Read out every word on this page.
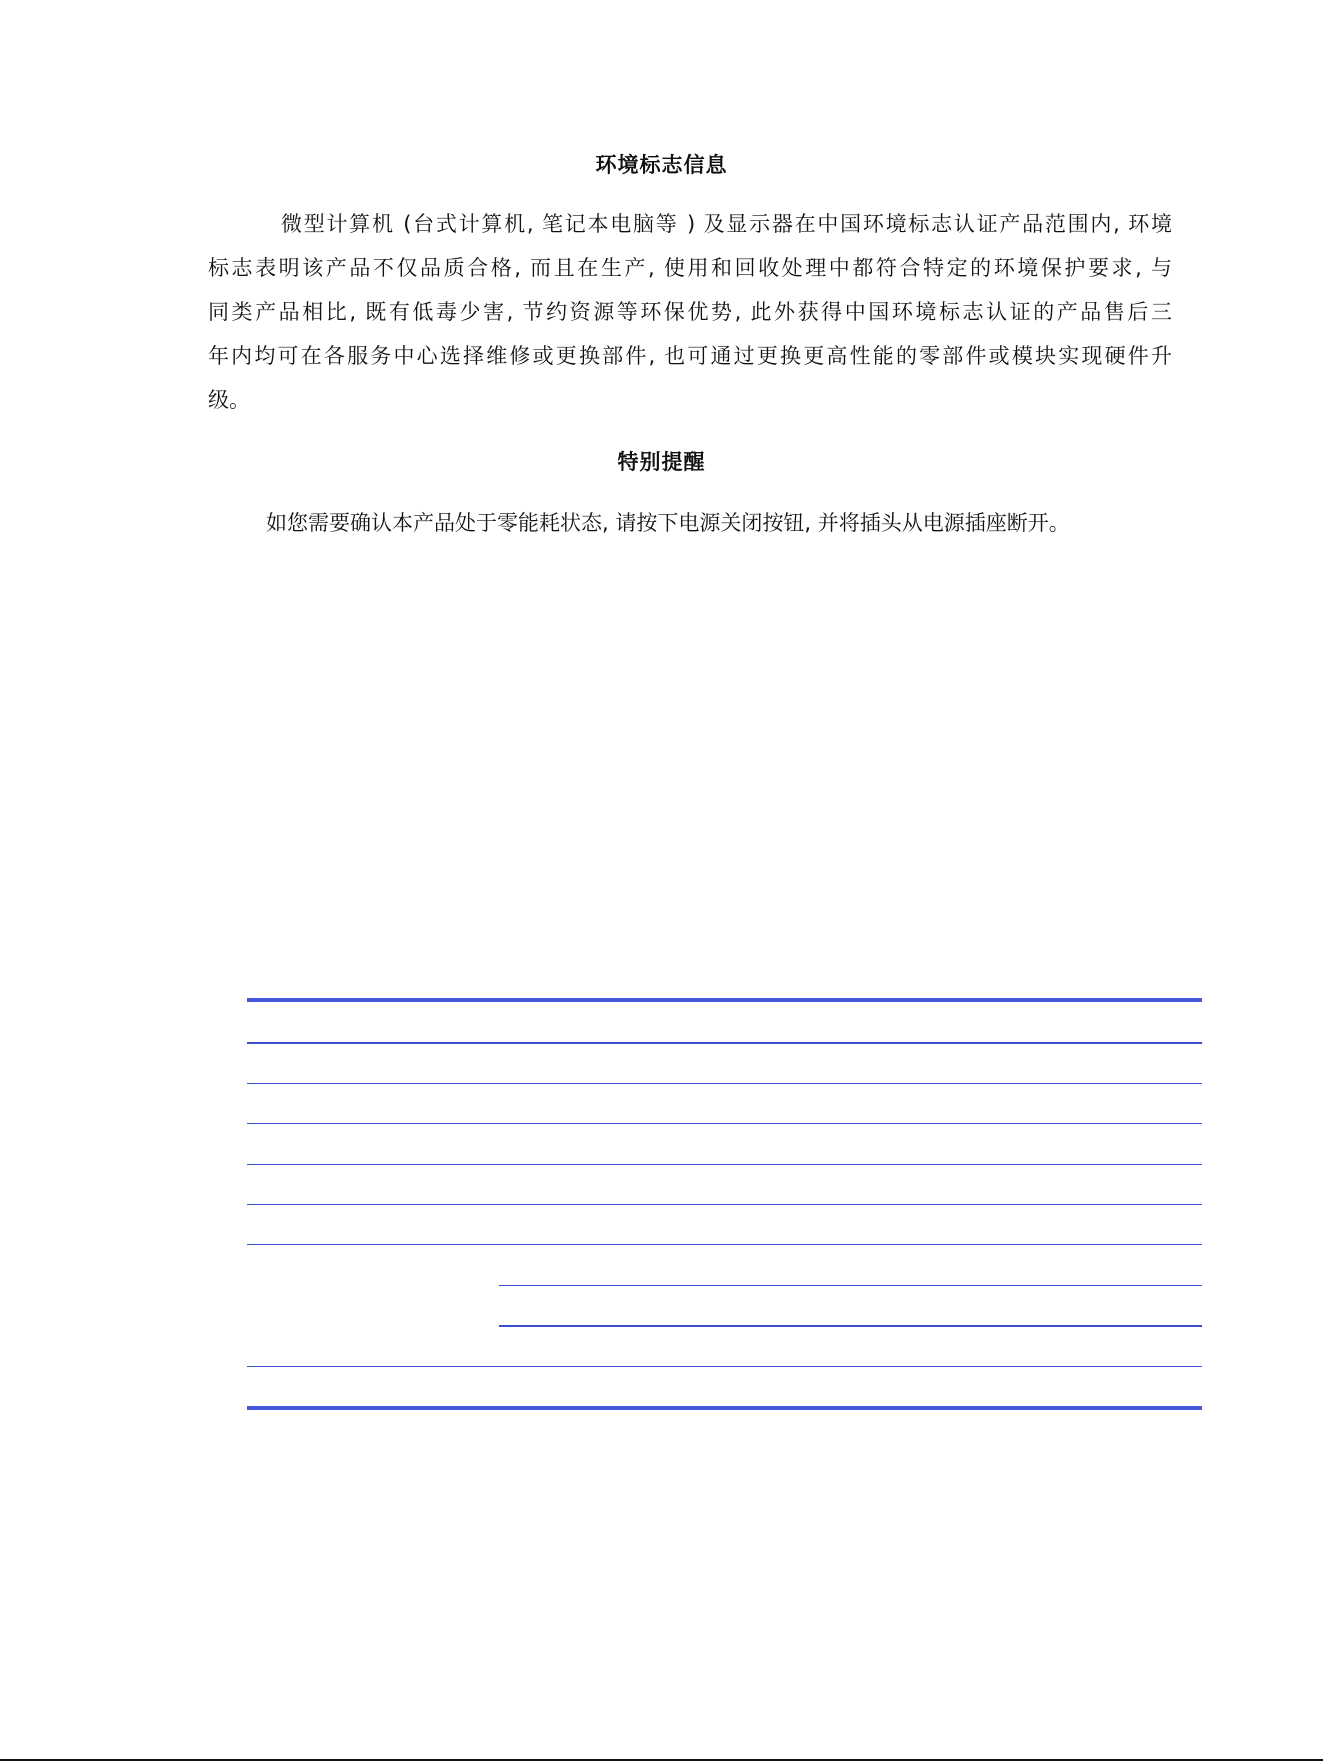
环境标志信息
微型计算机 (台式计算机, 笔记本电脑等 ) 及显示器在中国环境标志认证产品范围内, 环境
标志表明该产品不仅品质合格, 而且在生产, 使用和回收处理中都符合特定的环境保护要求, 与
同类产品相比, 既有低毒少害, 节约资源等环保优势, 此外获得中国环境标志认证的产品售后三
年内均可在各服务中心选择维修或更换部件, 也可通过更换更高性能的零部件或模块实现硬件升
级。
特别提醒
如您需要确认本产品处于零能耗状态, 请按下电源关闭按钮, 并将插头从电源插座断开。
